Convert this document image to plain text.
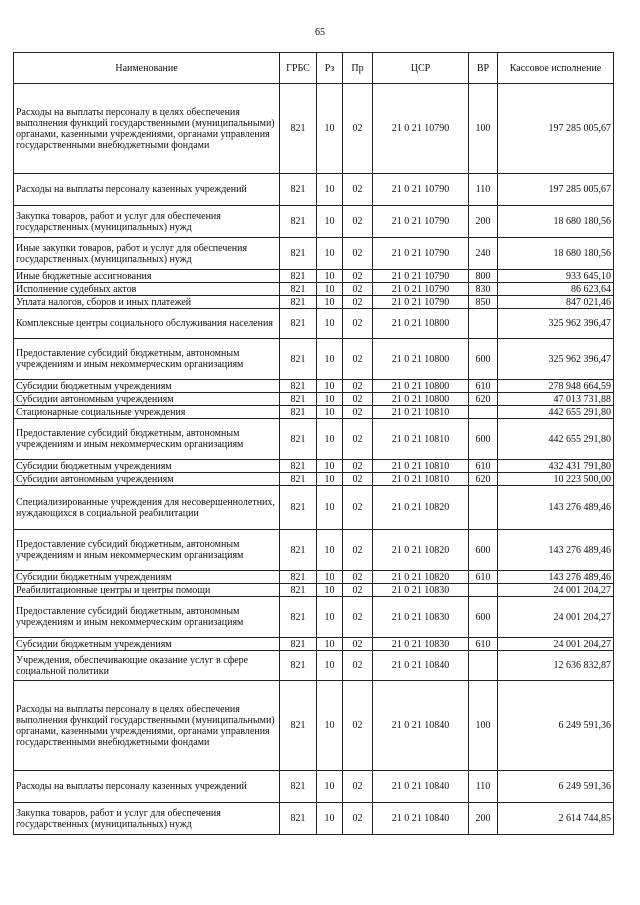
65
Наименование	ГРБС	Рз	Пр	ЦСР	ВР	Кассовое исполнение
Расходы на выплаты персоналу в целях обеспечения выполнения функций государственными (муниципальными) органами, казенными учреждениями, органами управления государственными внебюджетными фондами	821	10	02	21 0 21 10790	100	197 285 005,67
Расходы на выплаты персоналу казенных учреждений	821	10	02	21 0 21 10790	110	197 285 005,67
Закупка товаров, работ и услуг для обеспечения государственных (муниципальных) нужд	821	10	02	21 0 21 10790	200	18 680 180,56
Иные закупки товаров, работ и услуг для обеспечения государственных (муниципальных) нужд	821	10	02	21 0 21 10790	240	18 680 180,56
Иные бюджетные ассигнования	821	10	02	21 0 21 10790	800	933 645,10
Исполнение судебных актов	821	10	02	21 0 21 10790	830	86 623,64
Уплата налогов, сборов и иных платежей	821	10	02	21 0 21 10790	850	847 021,46
Комплексные центры социального обслуживания населения	821	10	02	21 0 21 10800		325 962 396,47
Предоставление субсидий бюджетным, автономным учреждениям и иным некоммерческим организациям	821	10	02	21 0 21 10800	600	325 962 396,47
Субсидии бюджетным учреждениям	821	10	02	21 0 21 10800	610	278 948 664,59
Субсидии автономным учреждениям	821	10	02	21 0 21 10800	620	47 013 731,88
Стационарные социальные учреждения	821	10	02	21 0 21 10810		442 655 291,80
Предоставление субсидий бюджетным, автономным учреждениям и иным некоммерческим организациям	821	10	02	21 0 21 10810	600	442 655 291,80
Субсидии бюджетным учреждениям	821	10	02	21 0 21 10810	610	432 431 791,80
Субсидии автономным учреждениям	821	10	02	21 0 21 10810	620	10 223 500,00
Специализированные учреждения для несовершеннолетних, нуждающихся в социальной реабилитации	821	10	02	21 0 21 10820		143 276 489,46
Предоставление субсидий бюджетным, автономным учреждениям и иным некоммерческим организациям	821	10	02	21 0 21 10820	600	143 276 489,46
Субсидии бюджетным учреждениям	821	10	02	21 0 21 10820	610	143 276 489,46
Реабилитационные центры и центры помощи	821	10	02	21 0 21 10830		24 001 204,27
Предоставление субсидий бюджетным, автономным учреждениям и иным некоммерческим организациям	821	10	02	21 0 21 10830	600	24 001 204,27
Субсидии бюджетным учреждениям	821	10	02	21 0 21 10830	610	24 001 204,27
Учреждения, обеспечивающие оказание услуг в сфере социальной политики	821	10	02	21 0 21 10840		12 636 832,87
Расходы на выплаты персоналу в целях обеспечения выполнения функций государственными (муниципальными) органами, казенными учреждениями, органами управления государственными внебюджетными фондами	821	10	02	21 0 21 10840	100	6 249 591,36
Расходы на выплаты персоналу казенных учреждений	821	10	02	21 0 21 10840	110	6 249 591,36
Закупка товаров, работ и услуг для обеспечения государственных (муниципальных) нужд	821	10	02	21 0 21 10840	200	2 614 744,85
